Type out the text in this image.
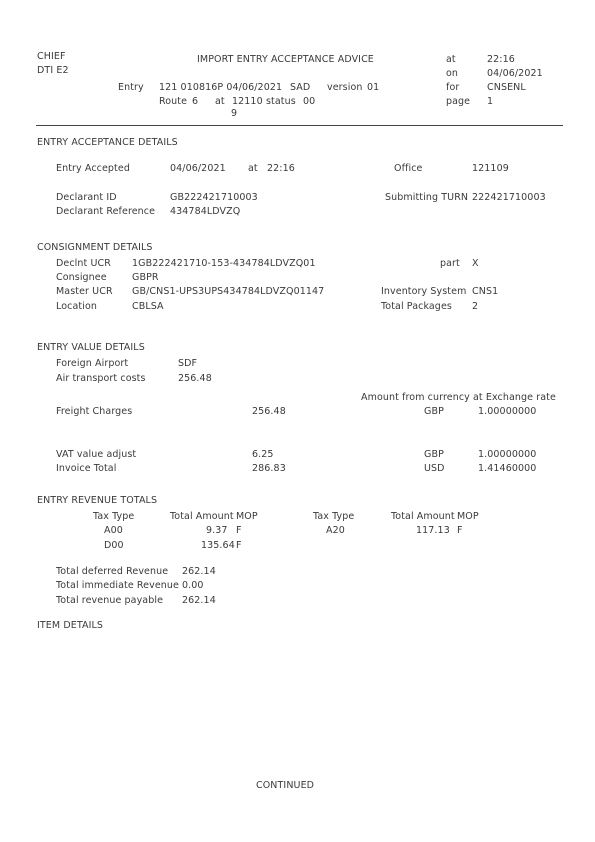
CHIEF
DTI E2
IMPORT ENTRY ACCEPTANCE ADVICE	at	22:16
on	04/06/2021
for	CNSENL
page 1
Entry 121 010816P 04/06/2021 SAD version 01
Route 6 at 12110 status 00
9
ENTRY ACCEPTANCE DETAILS
Entry Accepted	04/06/2021 at 22:16	Office	121109
Declarant ID	GB222421710003	Submitting TURN 222421710003
Declarant Reference 434784LDVZQ
CONSIGNMENT DETAILS
Declnt UCR 1GB222421710-153-434784LDVZQ01	part X
Consignee	GBPR
Master UCR GB/CNS1-UPS3UPS434784LDVZQ01147	Inventory System CNS1
Location	CBLSA	Total Packages 2
ENTRY VALUE DETAILS
Foreign Airport	SDF
Air transport costs	256.48
Amount from currency at Exchange rate
Freight Charges	256.48	GBP	1.00000000
VAT value adjust	6.25	GBP	1.00000000
Invoice Total	286.83	USD	1.41460000
ENTRY REVENUE TOTALS
Tax Type	Total Amount MOP	Tax Type	Total Amount MOP
A00	9.37 F	A20	117.13 F
D00	135.64 F
Total deferred Revenue 262.14
Total immediate Revenue 0.00
Total revenue payable 262.14
ITEM DETAILS
CONTINUED
